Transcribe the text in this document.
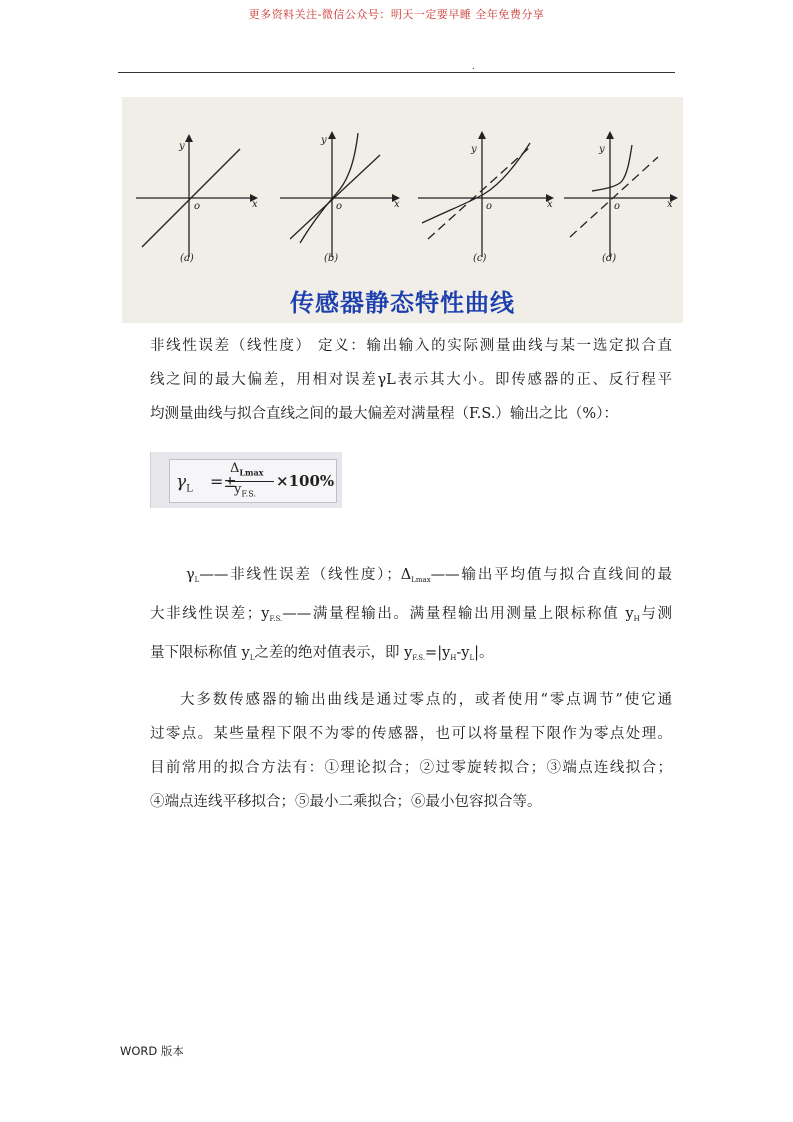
更多资料关注-微信公众号：明天一定要早睡 全年免费分享
.
y
x
o
y
x
o
y
x
o
y
x
o
(a)	(b)	(c)	(d)
传感器静态特性曲线
非线性误差（线性度） 定义：输出输入的实际测量曲线与某一选定拟合直
线之间的最大偏差，用相对误差γL表示其大小。即传感器的正、反行程平
均测量曲线与拟合直线之间的最大偏差对满量程（F.S.）输出之比（%）：
$\gamma_L$ =±
$\Delta_{Lmax}$
$y_{F.S.}$
×100%
$\gamma_L——$非线性误差（线性度）；$\Delta_{Lmax}——$输出平均值与拟合直线间的最
大非线性误差；$y_{F.S.}——$满量程输出。满量程输出用测量上限标称值 $y_H$与测
量下限标称值 $y_L$之差的绝对值表示，即 $y_{F.S.}=|y_H-y_L|$。
大多数传感器的输出曲线是通过零点的，或者使用“零点调节”使它通
过零点。某些量程下限不为零的传感器，也可以将量程下限作为零点处理。
目前常用的拟合方法有：①理论拟合；②过零旋转拟合；③端点连线拟合；
④端点连线平移拟合；⑤最小二乘拟合；⑥最小包容拟合等。
WORD 版本
